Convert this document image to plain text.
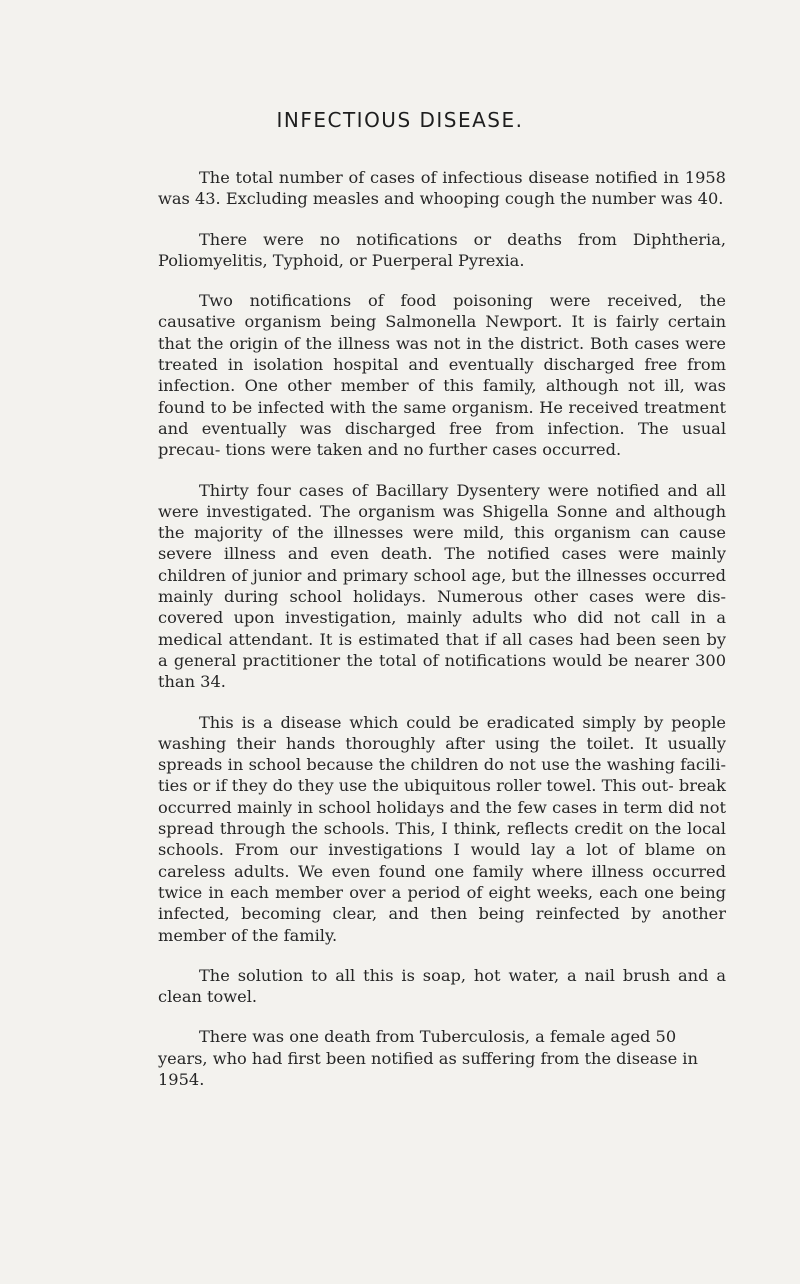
INFECTIOUS DISEASE.

The total number of cases of infectious disease notified in 1958 was 43. Excluding measles and whooping cough the number was 40.

There were no notifications or deaths from Diphtheria, Poliomyelitis, Typhoid, or Puerperal Pyrexia.

Two notifications of food poisoning were received, the causative organism being Salmonella Newport. It is fairly certain that the origin of the illness was not in the district. Both cases were treated in isolation hospital and eventually discharged free from infection. One other member of this family, although not ill, was found to be infected with the same organism. He received treatment and eventually was discharged free from infection. The usual precau- tions were taken and no further cases occurred.

Thirty four cases of Bacillary Dysentery were notified and all were investigated. The organism was Shigella Sonne and although the majority of the illnesses were mild, this organism can cause severe illness and even death. The notified cases were mainly children of junior and primary school age, but the illnesses occurred mainly during school holidays. Numerous other cases were dis- covered upon investigation, mainly adults who did not call in a medical attendant. It is estimated that if all cases had been seen by a general practitioner the total of notifications would be nearer 300 than 34.

This is a disease which could be eradicated simply by people washing their hands thoroughly after using the toilet. It usually spreads in school because the children do not use the washing facili- ties or if they do they use the ubiquitous roller towel. This out- break occurred mainly in school holidays and the few cases in term did not spread through the schools. This, I think, reflects credit on the local schools. From our investigations I would lay a lot of blame on careless adults. We even found one family where illness occurred twice in each member over a period of eight weeks, each one being infected, becoming clear, and then being reinfected by another member of the family.

The solution to all this is soap, hot water, a nail brush and a clean towel.

There was one death from Tuberculosis, a female aged 50 years, who had first been notified as suffering from the disease in 1954.
